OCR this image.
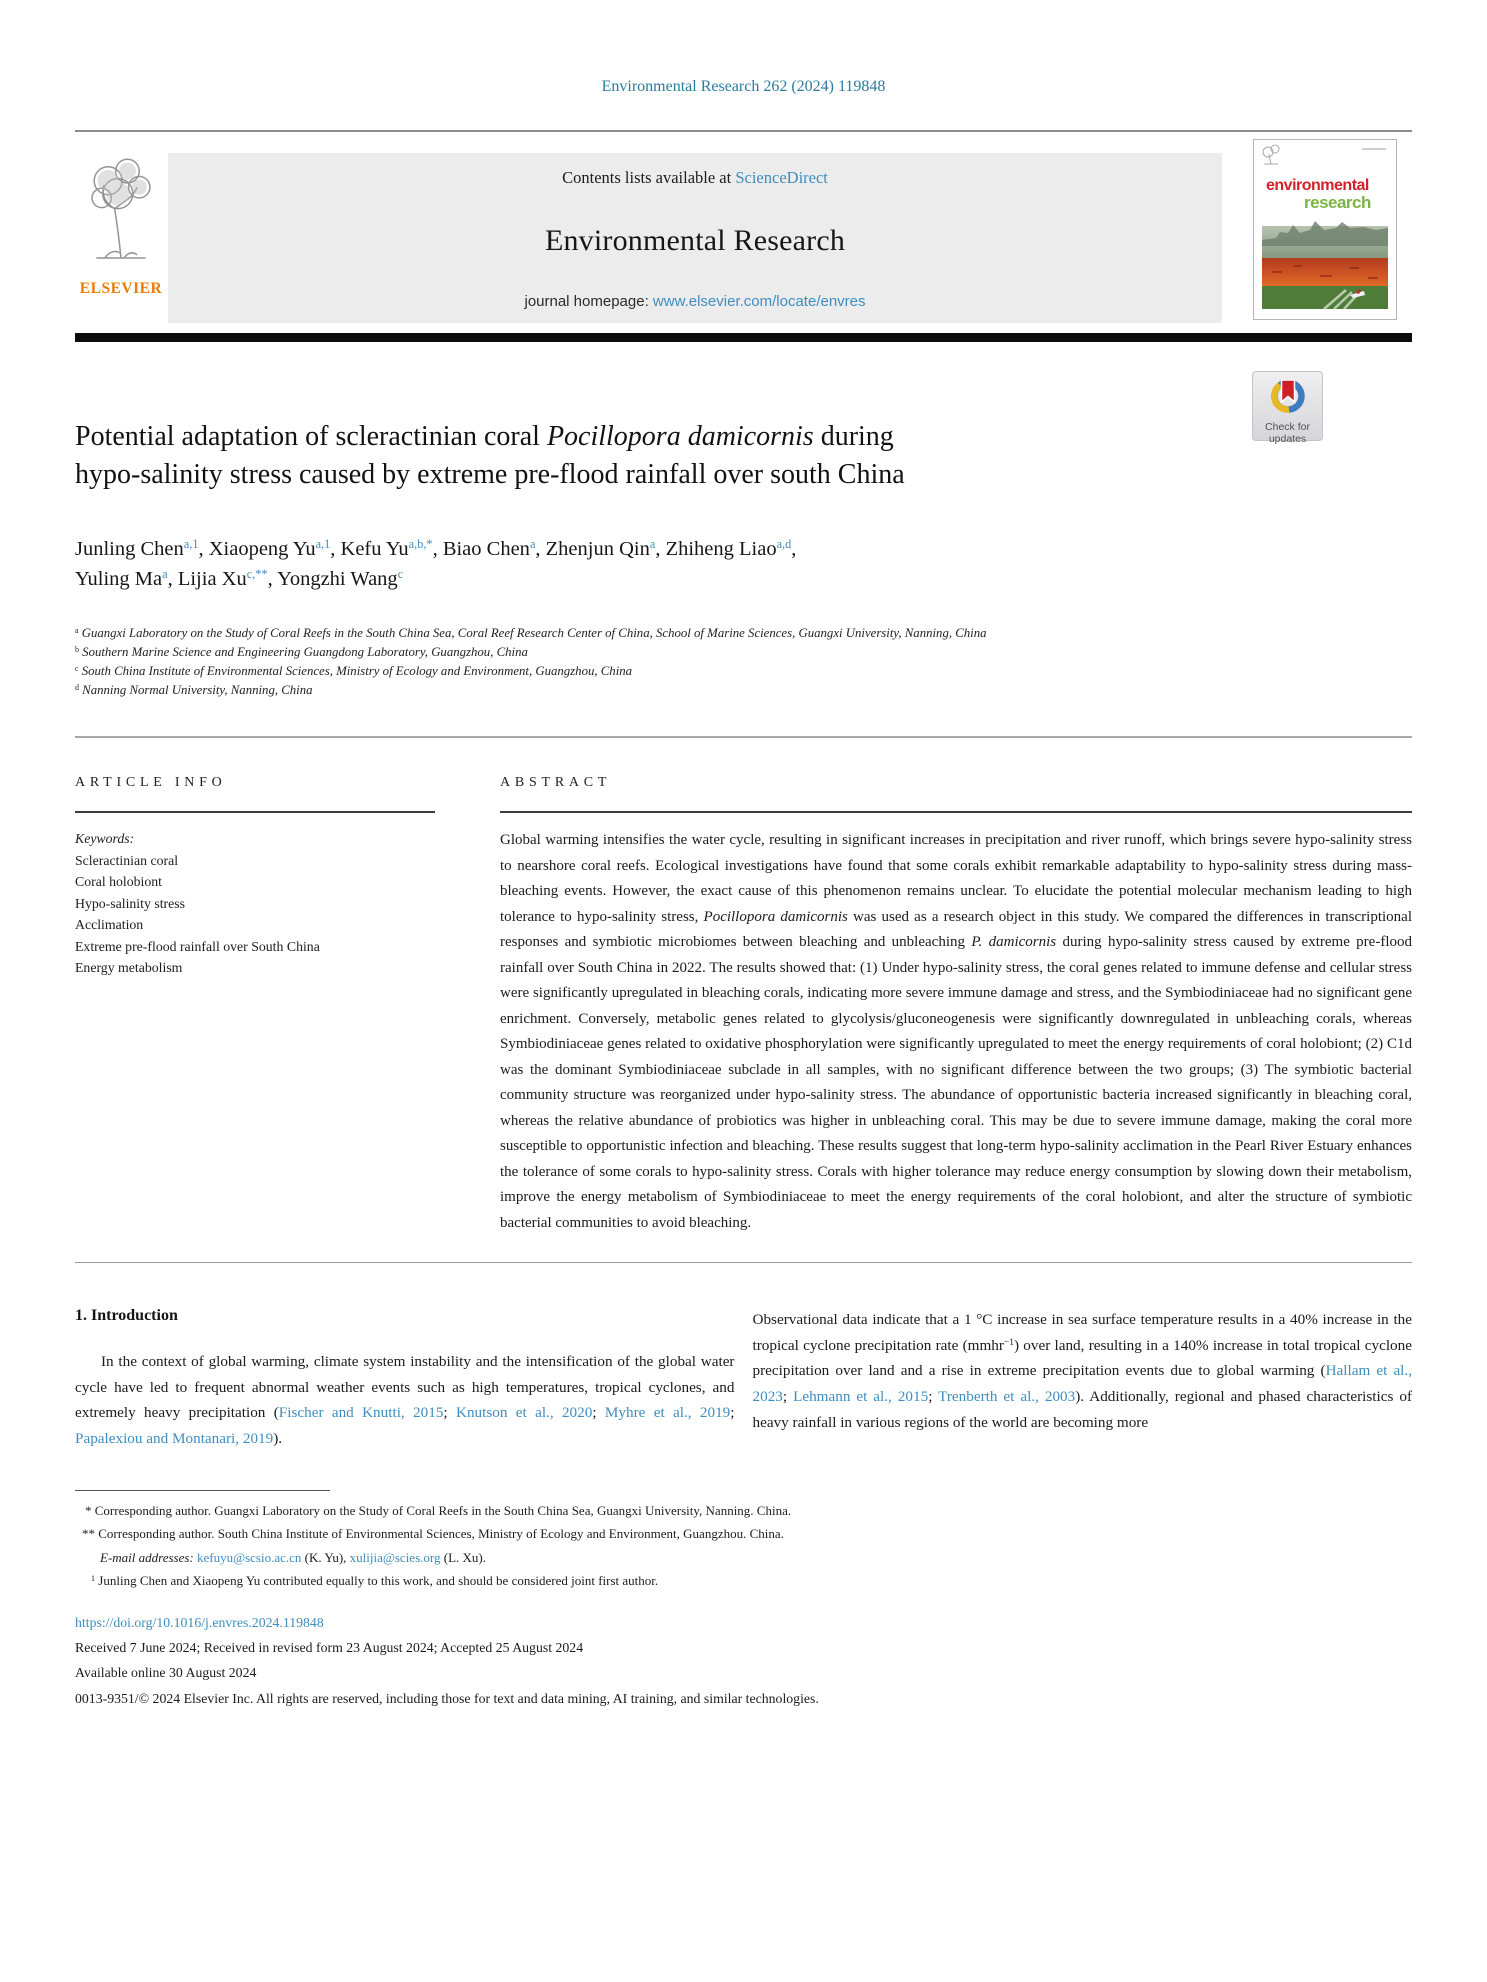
Environmental Research 262 (2024) 119848
ELSEVIER
Contents lists available at ScienceDirect
Environmental Research
journal homepage: www.elsevier.com/locate/envres
environmental
research
Check for
updates
Potential adaptation of scleractinian coral Pocillopora damicornis during
hypo-salinity stress caused by extreme pre-flood rainfall over south China
Junling Chen$^{a,1}$, Xiaopeng Yu$^{a,1}$, Kefu $Yu^{a,b,*}$, Biao Chen$^a$, Zhenjun Qin$^a$, Zhiheng Liao$^{a,d}$,
Yuling Ma$^a$, Lijia $Xu^{c,**}$, Yongzhi Wang$^c$
$^a$ Guangxi Laboratory on the Study of Coral Reefs in the South China Sea, Coral Reef Research Center of China, School of Marine Sciences, Guangxi University, Nanning, China
$^b$ Southern Marine Science and Engineering Guangdong Laboratory, Guangzhou, China
$^c$ South China Institute of Environmental Sciences, Ministry of Ecology and Environment, Guangzhou, China
$^d$ Nanning Normal University, Nanning, China
ARTICLE INFO
Keywords:
Scleractinian coral
Coral holobiont
Hypo-salinity stress
Acclimation
Extreme pre-flood rainfall over South China
Energy metabolism
ABSTRACT

Global warming intensifies the water cycle, resulting in significant increases in precipitation and river runoff, which brings severe hypo-salinity stress to nearshore coral reefs. Ecological investigations have found that some corals exhibit remarkable adaptability to hypo-salinity stress during mass-bleaching events. However, the exact cause of this phenomenon remains unclear. To elucidate the potential molecular mechanism leading to high tolerance to hypo-salinity stress, Pocillopora damicornis was used as a research object in this study. We compared the differences in transcriptional responses and symbiotic microbiomes between bleaching and unbleaching P. damicornis during hypo-salinity stress caused by extreme pre-flood rainfall over South China in 2022. The results showed that: (1) Under hypo-salinity stress, the coral genes related to immune defense and cellular stress were significantly upregulated in bleaching corals, indicating more severe immune damage and stress, and the Symbiodiniaceae had no significant gene enrichment. Conversely, metabolic genes related to glycolysis/gluconeogenesis were significantly downregulated in unbleaching corals, whereas Symbiodiniaceae genes related to oxidative phosphorylation were significantly upregulated to meet the energy requirements of coral holobiont; (2) C1d was the dominant Symbiodiniaceae subclade in all samples, with no significant difference between the two groups; (3) The symbiotic bacterial community structure was reorganized under hypo-salinity stress. The abundance of opportunistic bacteria increased significantly in bleaching coral, whereas the relative abundance of probiotics was higher in unbleaching coral. This may be due to severe immune damage, making the coral more susceptible to opportunistic infection and bleaching. These results suggest that long-term hypo-salinity acclimation in the Pearl River Estuary enhances the tolerance of some corals to hypo-salinity stress. Corals with higher tolerance may reduce energy consumption by slowing down their metabolism, improve the energy metabolism of Symbiodiniaceae to meet the energy requirements of the coral holobiont, and alter the structure of symbiotic bacterial communities to avoid bleaching.

1. Introduction

In the context of global warming, climate system instability and the intensification of the global water cycle have led to frequent abnormal weather events such as high temperatures, tropical cyclones, and extremely heavy precipitation (Fischer and Knutti, 2015; Knutson et al., 2020; Myhre et al., 2019; Papalexiou and Montanari, 2019).

Observational data indicate that a 1 °C increase in sea surface temperature results in a 40% increase in the tropical cyclone precipitation rate (mmhr$^{-1}$) over land, resulting in a 140% increase in total tropical cyclone precipitation over land and a rise in extreme precipitation events due to global warming (Hallam et al., 2023; Lehmann et al., 2015; Trenberth et al., 2003). Additionally, regional and phased characteristics of heavy rainfall in various regions of the world are becoming more

* Corresponding author. Guangxi Laboratory on the Study of Coral Reefs in the South China Sea, Guangxi University, Nanning. China.
** Corresponding author. South China Institute of Environmental Sciences, Ministry of Ecology and Environment, Guangzhou. China.
E-mail addresses: kefuyu@scsio.ac.cn (K. Yu), xulijia@scies.org (L. Xu).
$^1$ Junling Chen and Xiaopeng Yu contributed equally to this work, and should be considered joint first author.
https://doi.org/10.1016/j.envres.2024.119848
Received 7 June 2024; Received in revised form 23 August 2024; Accepted 25 August 2024
Available online 30 August 2024
0013-9351/© 2024 Elsevier Inc. All rights are reserved, including those for text and data mining, AI training, and similar technologies.
